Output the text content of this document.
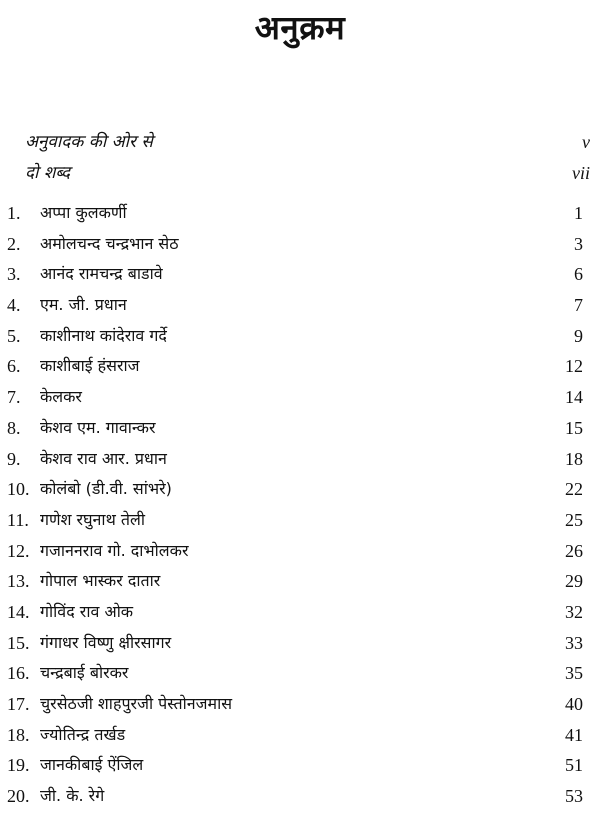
अनुक्रम
अनुवादक की ओर से	v
दो शब्द	vii
1. अप्पा कुलकर्णी	1
2. अमोलचन्द चन्द्रभान सेठ	3
3. आनंद रामचन्द्र बाडावे	6
4. एम. जी. प्रधान	7
5. काशीनाथ कांदेराव गर्दे	9
6. काशीबाई हंसराज	12
7. केलकर	14
8. केशव एम. गावान्कर	15
9. केशव राव आर. प्रधान	18
10. कोलंबो (डी.वी. सांभरे)	22
11. गणेश रघुनाथ तेली	25
12. गजाननराव गो. दाभोलकर	26
13. गोपाल भास्कर दातार	29
14. गोविंद राव ओक	32
15. गंगाधर विष्णु क्षीरसागर	33
16. चन्द्रबाई बोरकर	35
17. चुरसेठजी शाहपुरजी पेस्तोनजमास	40
18. ज्योतिन्द्र तर्खड	41
19. जानकीबाई ऐंजिल	51
20. जी. के. रेगे	53
